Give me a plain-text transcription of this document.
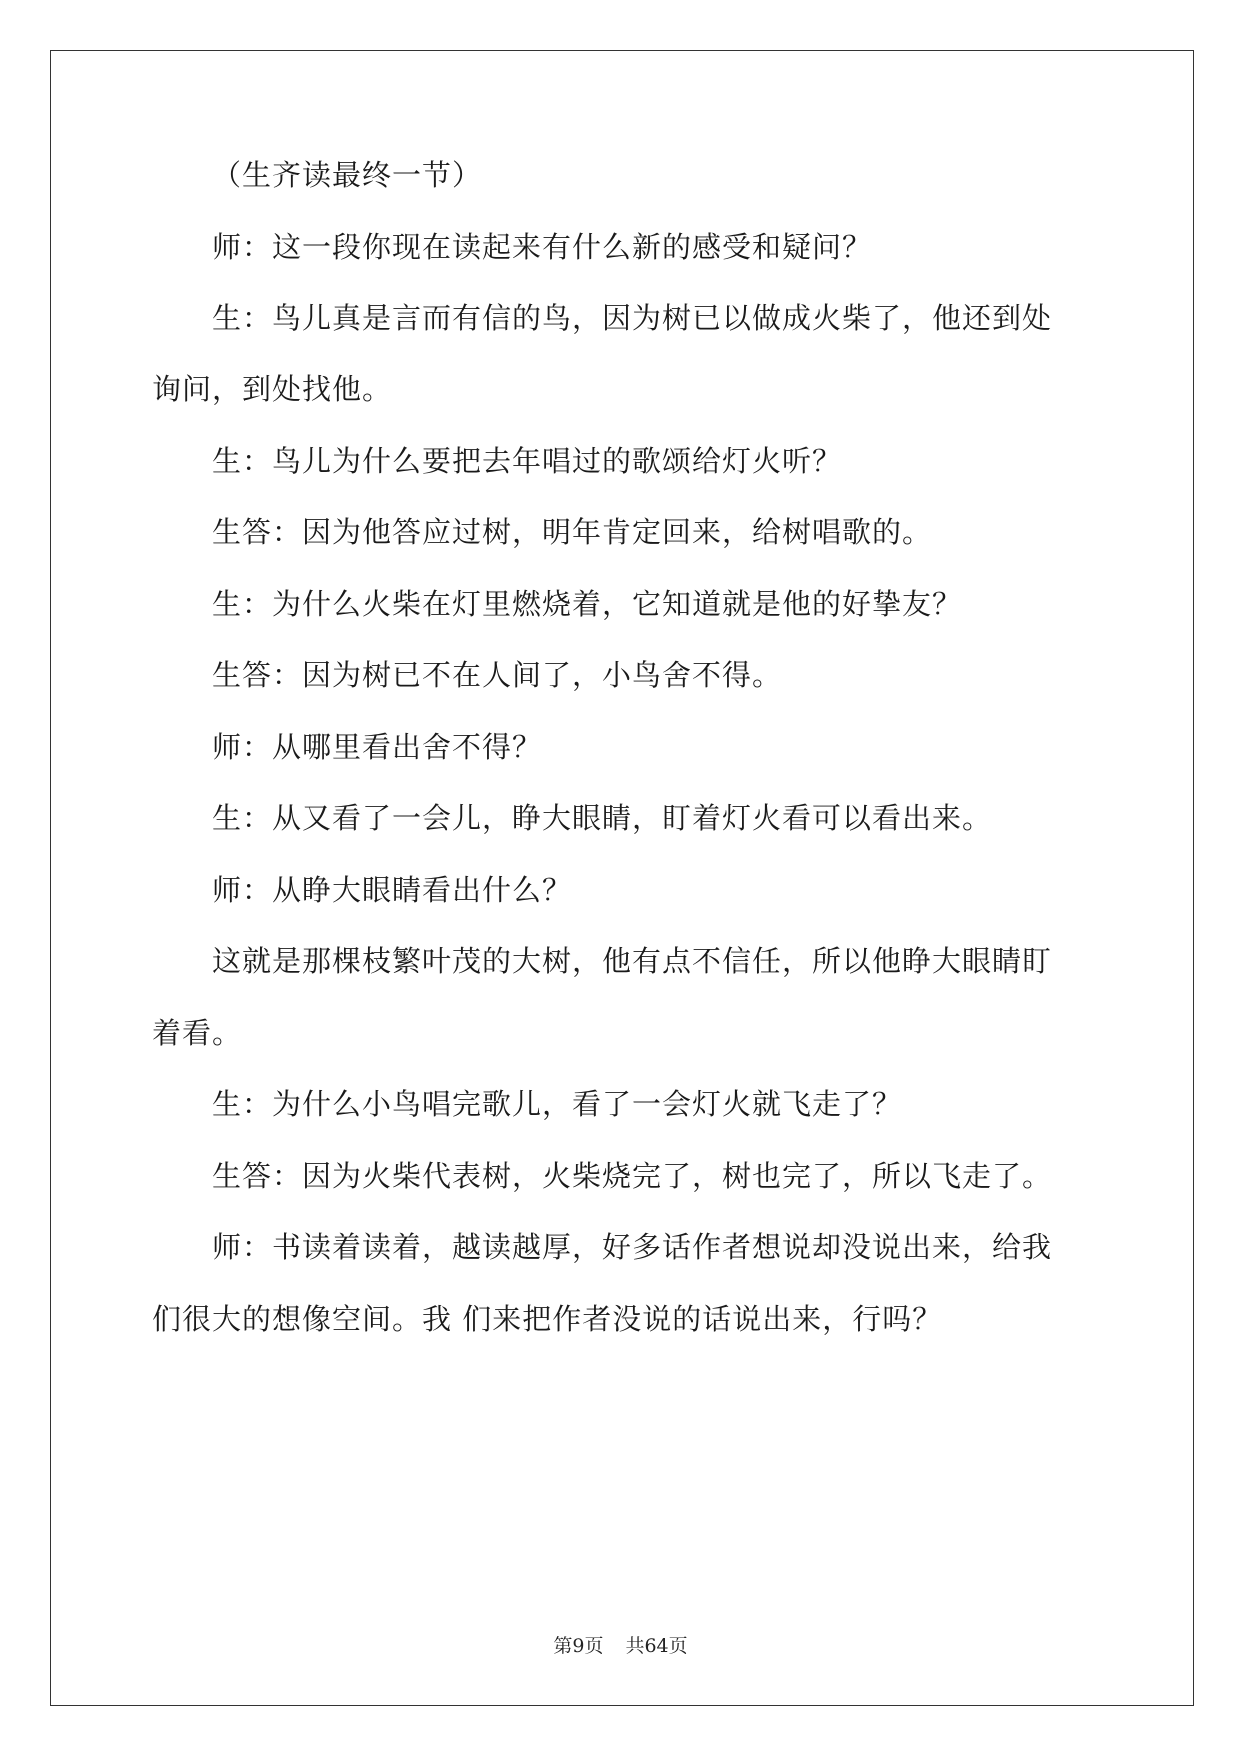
（生齐读最终一节）
师：这一段你现在读起来有什么新的感受和疑问？
生：鸟儿真是言而有信的鸟，因为树已以做成火柴了，他还到处
询问，到处找他。
生：鸟儿为什么要把去年唱过的歌颂给灯火听？
生答：因为他答应过树，明年肯定回来，给树唱歌的。
生：为什么火柴在灯里燃烧着，它知道就是他的好挚友？
生答：因为树已不在人间了，小鸟舍不得。
师：从哪里看出舍不得？
生：从又看了一会儿，睁大眼睛，盯着灯火看可以看出来。
师：从睁大眼睛看出什么？
这就是那棵枝繁叶茂的大树，他有点不信任，所以他睁大眼睛盯
着看。
生：为什么小鸟唱完歌儿，看了一会灯火就飞走了？
生答：因为火柴代表树，火柴烧完了，树也完了，所以飞走了。
师：书读着读着，越读越厚，好多话作者想说却没说出来，给我
们很大的想像空间。我 们来把作者没说的话说出来，行吗？
第9页 共64页
